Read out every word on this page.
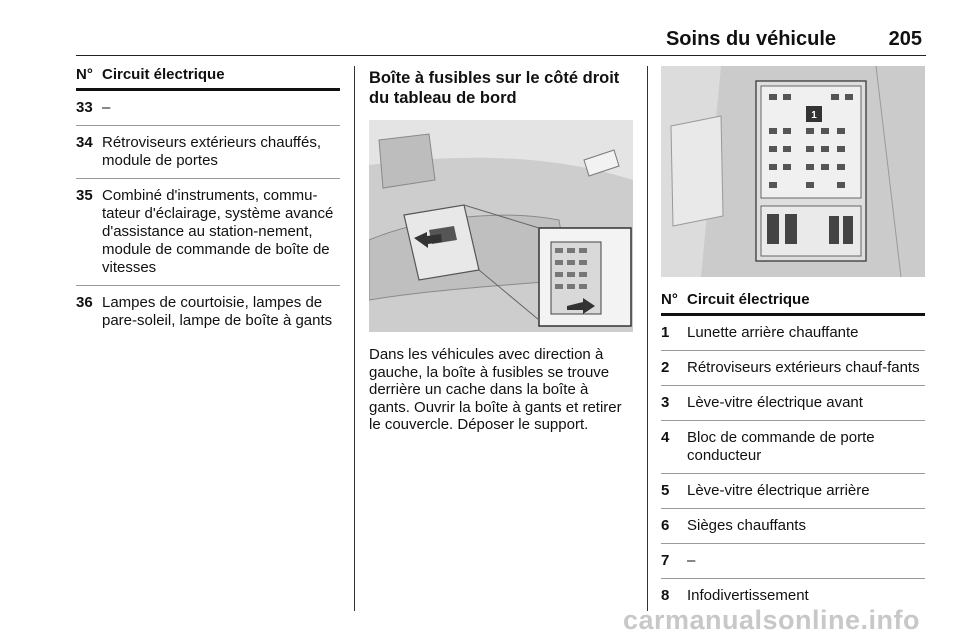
Soins du véhicule	205
N° Circuit électrique
33 –
34 Rétroviseurs extérieurs chauffés, module de portes
35 Combiné d'instruments, commu-tateur d'éclairage, système avancé d'assistance au station-nement, module de commande de boîte de vitesses
36 Lampes de courtoisie, lampes de pare-soleil, lampe de boîte à gants
Boîte à fusibles sur le côté droit du tableau de bord
Dans les véhicules avec direction à gauche, la boîte à fusibles se trouve derrière un cache dans la boîte à gants. Ouvrir la boîte à gants et retirer le couvercle. Déposer le support.
1
N° Circuit électrique
1	Lunette arrière chauffante
2	Rétroviseurs extérieurs chauf-fants
3	Lève-vitre électrique avant
4	Bloc de commande de porte conducteur
5	Lève-vitre électrique arrière
6	Sièges chauffants
7	–
8	Infodivertissement
carmanualsonline.info
